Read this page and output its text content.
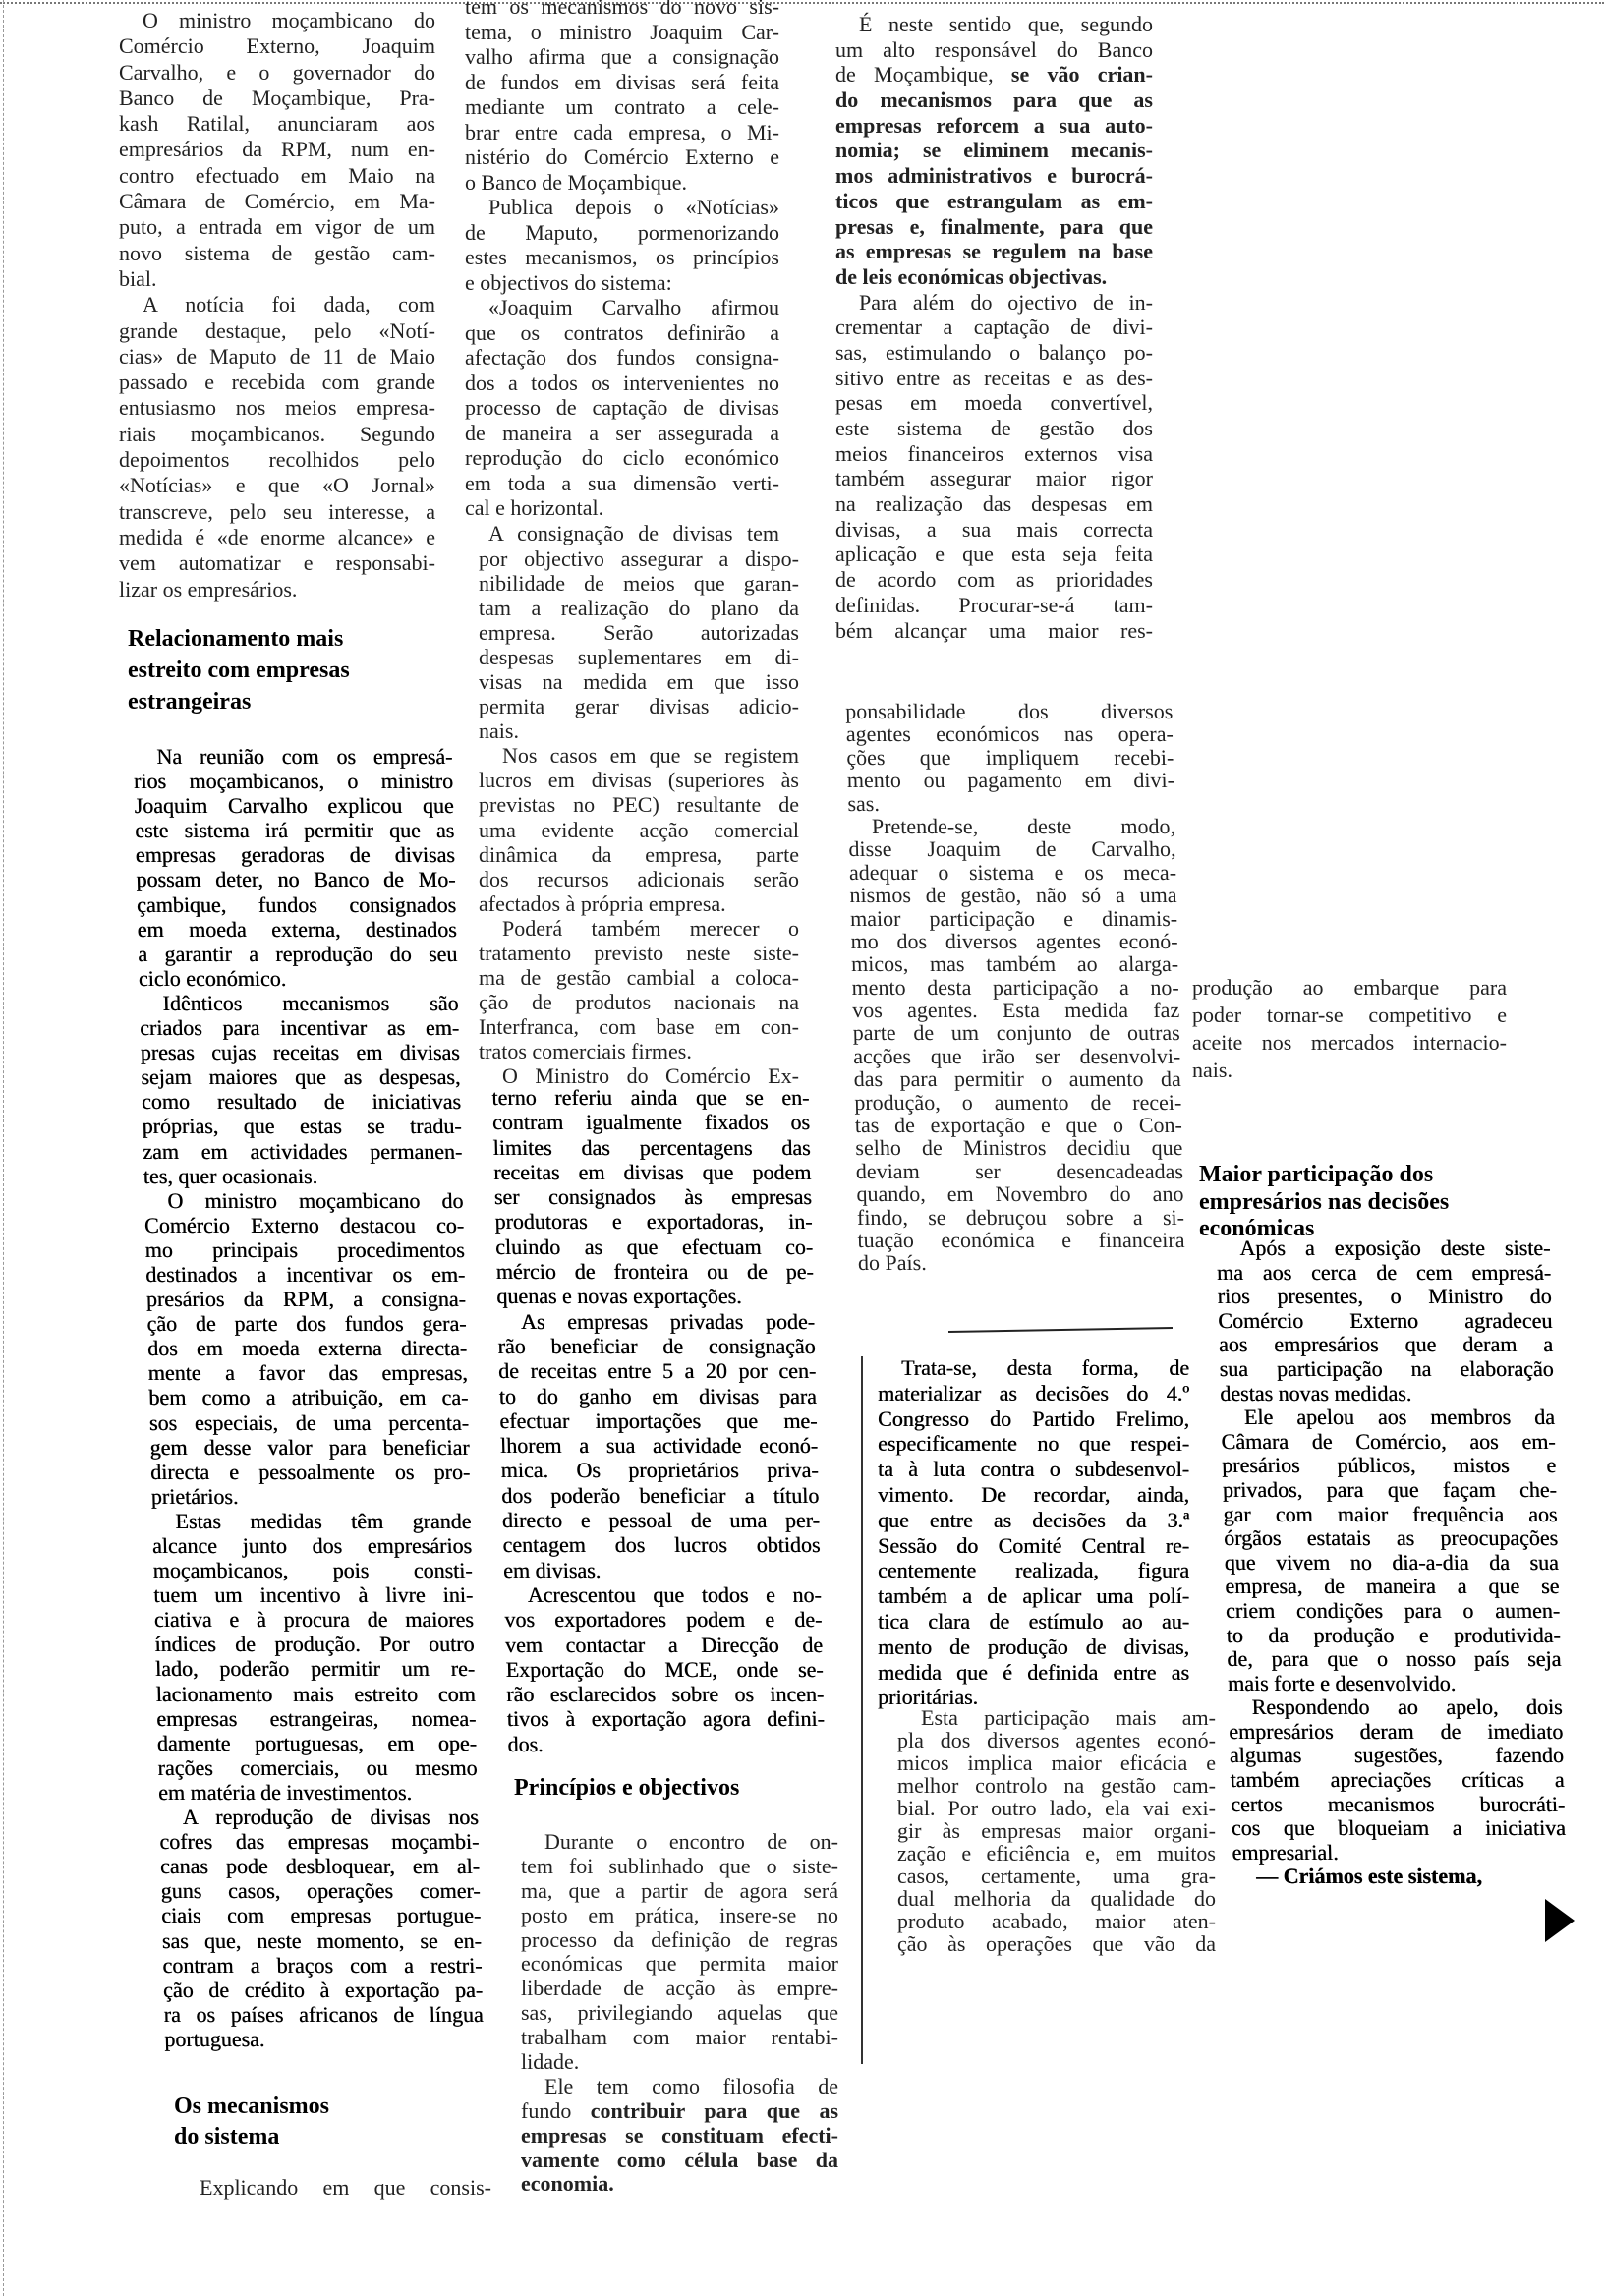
O ministro moçambicano do
Comércio Externo, Joaquim
Carvalho, e o governador do
Banco de Moçambique, Pra-
kash Ratilal, anunciaram aos
empresários da RPM, num en-
contro efectuado em Maio na
Câmara de Comércio, em Ma-
puto, a entrada em vigor de um
novo sistema de gestão cam-
bial.
A notícia foi dada, com
grande destaque, pelo «Notí-
cias» de Maputo de 11 de Maio
passado e recebida com grande
entusiasmo nos meios empresa-
riais moçambicanos. Segundo
depoimentos recolhidos pelo
«Notícias» e que «O Jornal»
transcreve, pelo seu interesse, a
medida é «de enorme alcance» e
vem automatizar e responsabi-
lizar os empresários.
Relacionamento mais
estreito com empresas
estrangeiras
Na reunião com os empresá-
rios moçambicanos, o ministro
Joaquim Carvalho explicou que
este sistema irá permitir que as
empresas geradoras de divisas
possam deter, no Banco de Mo-
çambique, fundos consignados
em moeda externa, destinados
a garantir a reprodução do seu
ciclo económico.
Idênticos mecanismos são
criados para incentivar as em-
presas cujas receitas em divisas
sejam maiores que as despesas,
como resultado de iniciativas
próprias, que estas se tradu-
zam em actividades permanen-
tes, quer ocasionais.
O ministro moçambicano do
Comércio Externo destacou co-
mo principais procedimentos
destinados a incentivar os em-
presários da RPM, a consigna-
ção de parte dos fundos gera-
dos em moeda externa directa-
mente a favor das empresas,
bem como a atribuição, em ca-
sos especiais, de uma percenta-
gem desse valor para beneficiar
directa e pessoalmente os pro-
prietários.
Estas medidas têm grande
alcance junto dos empresários
moçambicanos, pois consti-
tuem um incentivo à livre ini-
ciativa e à procura de maiores
índices de produção. Por outro
lado, poderão permitir um re-
lacionamento mais estreito com
empresas estrangeiras, nomea-
damente portuguesas, em ope-
rações comerciais, ou mesmo
em matéria de investimentos.
A reprodução de divisas nos
cofres das empresas moçambi-
canas pode desbloquear, em al-
guns casos, operações comer-
ciais com empresas portugue-
sas que, neste momento, se en-
contram a braços com a restri-
ção de crédito à exportação pa-
ra os países africanos de língua
portuguesa.
Os mecanismos
do sistema
Explicando em que consis-
tem os mecanismos do novo sis-
tema, o ministro Joaquim Car-
valho afirma que a consignação
de fundos em divisas será feita
mediante um contrato a cele-
brar entre cada empresa, o Mi-
nistério do Comércio Externo e
o Banco de Moçambique.
Publica depois o «Notícias»
de Maputo, pormenorizando
estes mecanismos, os princípios
e objectivos do sistema:
«Joaquim Carvalho afirmou
que os contratos definirão a
afectação dos fundos consigna-
dos a todos os intervenientes no
processo de captação de divisas
de maneira a ser assegurada a
reprodução do ciclo económico
em toda a sua dimensão verti-
cal e horizontal.
A consignação de divisas tem
por objectivo assegurar a dispo-
nibilidade de meios que garan-
tam a realização do plano da
empresa. Serão autorizadas
despesas suplementares em di-
visas na medida em que isso
permita gerar divisas adicio-
nais.
Nos casos em que se registem
lucros em divisas (superiores às
previstas no PEC) resultante de
uma evidente acção comercial
dinâmica da empresa, parte
dos recursos adicionais serão
afectados à própria empresa.
Poderá também merecer o
tratamento previsto neste siste-
ma de gestão cambial a coloca-
ção de produtos nacionais na
Interfranca, com base em con-
tratos comerciais firmes.
O Ministro do Comércio Ex-
terno referiu ainda que se en-
contram igualmente fixados os
limites das percentagens das
receitas em divisas que podem
ser consignados às empresas
produtoras e exportadoras, in-
cluindo as que efectuam co-
mércio de fronteira ou de pe-
quenas e novas exportações.
As empresas privadas pode-
rão beneficiar de consignação
de receitas entre 5 a 20 por cen-
to do ganho em divisas para
efectuar importações que me-
lhorem a sua actividade econó-
mica. Os proprietários priva-
dos poderão beneficiar a título
directo e pessoal de uma per-
centagem dos lucros obtidos
em divisas.
Acrescentou que todos e no-
vos exportadores podem e de-
vem contactar a Direcção de
Exportação do MCE, onde se-
rão esclarecidos sobre os incen-
tivos à exportação agora defini-
dos.
Princípios e objectivos
Durante o encontro de on-
tem foi sublinhado que o siste-
ma, que a partir de agora será
posto em prática, insere-se no
processo da definição de regras
económicas que permita maior
liberdade de acção às empre-
sas, privilegiando aquelas que
trabalham com maior rentabi-
lidade.
Ele tem como filosofia de
fundo contribuir para que as
empresas se constituam efecti-
vamente como célula base da
economia.
É neste sentido que, segundo
um alto responsável do Banco
de Moçambique, se vão crian-
do mecanismos para que as
empresas reforcem a sua auto-
nomia; se eliminem mecanis-
mos administrativos e burocrá-
ticos que estrangulam as em-
presas e, finalmente, para que
as empresas se regulem na base
de leis económicas objectivas.
Para além do ojectivo de in-
crementar a captação de divi-
sas, estimulando o balanço po-
sitivo entre as receitas e as des-
pesas em moeda convertível,
este sistema de gestão dos
meios financeiros externos visa
também assegurar maior rigor
na realização das despesas em
divisas, a sua mais correcta
aplicação e que esta seja feita
de acordo com as prioridades
definidas. Procurar-se-á tam-
bém alcançar uma maior res-
ponsabilidade dos diversos
agentes económicos nas opera-
ções que impliquem recebi-
mento ou pagamento em divi-
sas.
Pretende-se, deste modo,
disse Joaquim de Carvalho,
adequar o sistema e os meca-
nismos de gestão, não só a uma
maior participação e dinamis-
mo dos diversos agentes econó-
micos, mas também ao alarga-
mento desta participação a no-
vos agentes. Esta medida faz
parte de um conjunto de outras
acções que irão ser desenvolvi-
das para permitir o aumento da
produção, o aumento de recei-
tas de exportação e que o Con-
selho de Ministros decidiu que
deviam ser desencadeadas
quando, em Novembro do ano
findo, se debruçou sobre a si-
tuação económica e financeira
do País.
Trata-se, desta forma, de
materializar as decisões do 4.º
Congresso do Partido Frelimo,
especificamente no que respei-
ta à luta contra o subdesenvol-
vimento. De recordar, ainda,
que entre as decisões da 3.ª
Sessão do Comité Central re-
centemente realizada, figura
também a de aplicar uma polí-
tica clara de estímulo ao au-
mento de produção de divisas,
medida que é definida entre as
prioritárias.
Esta participação mais am-
pla dos diversos agentes econó-
micos implica maior eficácia e
melhor controlo na gestão cam-
bial. Por outro lado, ela vai exi-
gir às empresas maior organi-
zação e eficiência e, em muitos
casos, certamente, uma gra-
dual melhoria da qualidade do
produto acabado, maior aten-
ção às operações que vão da
produção ao embarque para
poder tornar-se competitivo e
aceite nos mercados internacio-
nais.
Maior participação dos
empresários nas decisões
económicas
Após a exposição deste siste-
ma aos cerca de cem empresá-
rios presentes, o Ministro do
Comércio Externo agradeceu
aos empresários que deram a
sua participação na elaboração
destas novas medidas.
Ele apelou aos membros da
Câmara de Comércio, aos em-
presários públicos, mistos e
privados, para que façam che-
gar com maior frequência aos
órgãos estatais as preocupações
que vivem no dia-a-dia da sua
empresa, de maneira a que se
criem condições para o aumen-
to da produção e produtivida-
de, para que o nosso país seja
mais forte e desenvolvido.
Respondendo ao apelo, dois
empresários deram de imediato
algumas sugestões, fazendo
também apreciações críticas a
certos mecanismos burocráti-
cos que bloqueiam a iniciativa
empresarial.
— Criámos este sistema,
